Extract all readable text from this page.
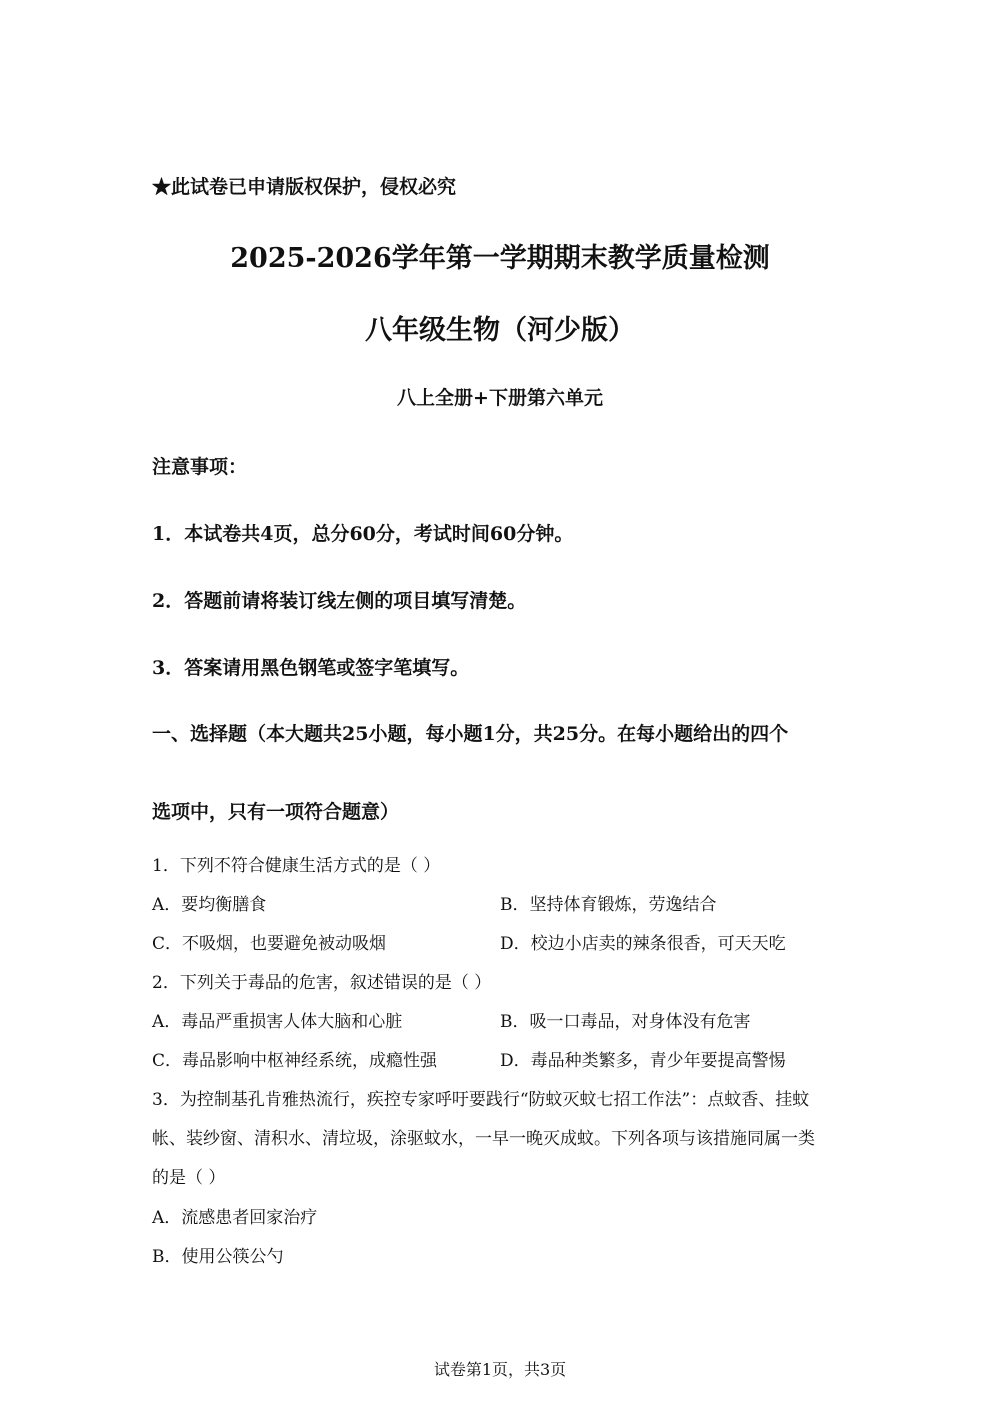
★此试卷已申请版权保护，侵权必究
2025-2026学年第一学期期末教学质量检测
八年级生物（河少版）
八上全册+下册第六单元
注意事项：
1．本试卷共4页，总分60分，考试时间60分钟。
2．答题前请将装订线左侧的项目填写清楚。
3．答案请用黑色钢笔或签字笔填写。
一、选择题（本大题共25小题，每小题1分，共25分。在每小题给出的四个
选项中，只有一项符合题意）
1．下列不符合健康生活方式的是（ ）
A．要均衡膳食	B．坚持体育锻炼，劳逸结合
C．不吸烟，也要避免被动吸烟	D．校边小店卖的辣条很香，可天天吃
2．下列关于毒品的危害，叙述错误的是（ ）
A．毒品严重损害人体大脑和心脏	B．吸一口毒品，对身体没有危害
C．毒品影响中枢神经系统，成瘾性强	D．毒品种类繁多，青少年要提高警惕
3．为控制基孔肯雅热流行，疾控专家呼吁要践行“防蚊灭蚊七招工作法”：点蚊香、挂蚊
帐、装纱窗、清积水、清垃圾，涂驱蚊水，一早一晚灭成蚊。下列各项与该措施同属一类
的是（ ）
A．流感患者回家治疗
B．使用公筷公勺
试卷第1页，共3页
